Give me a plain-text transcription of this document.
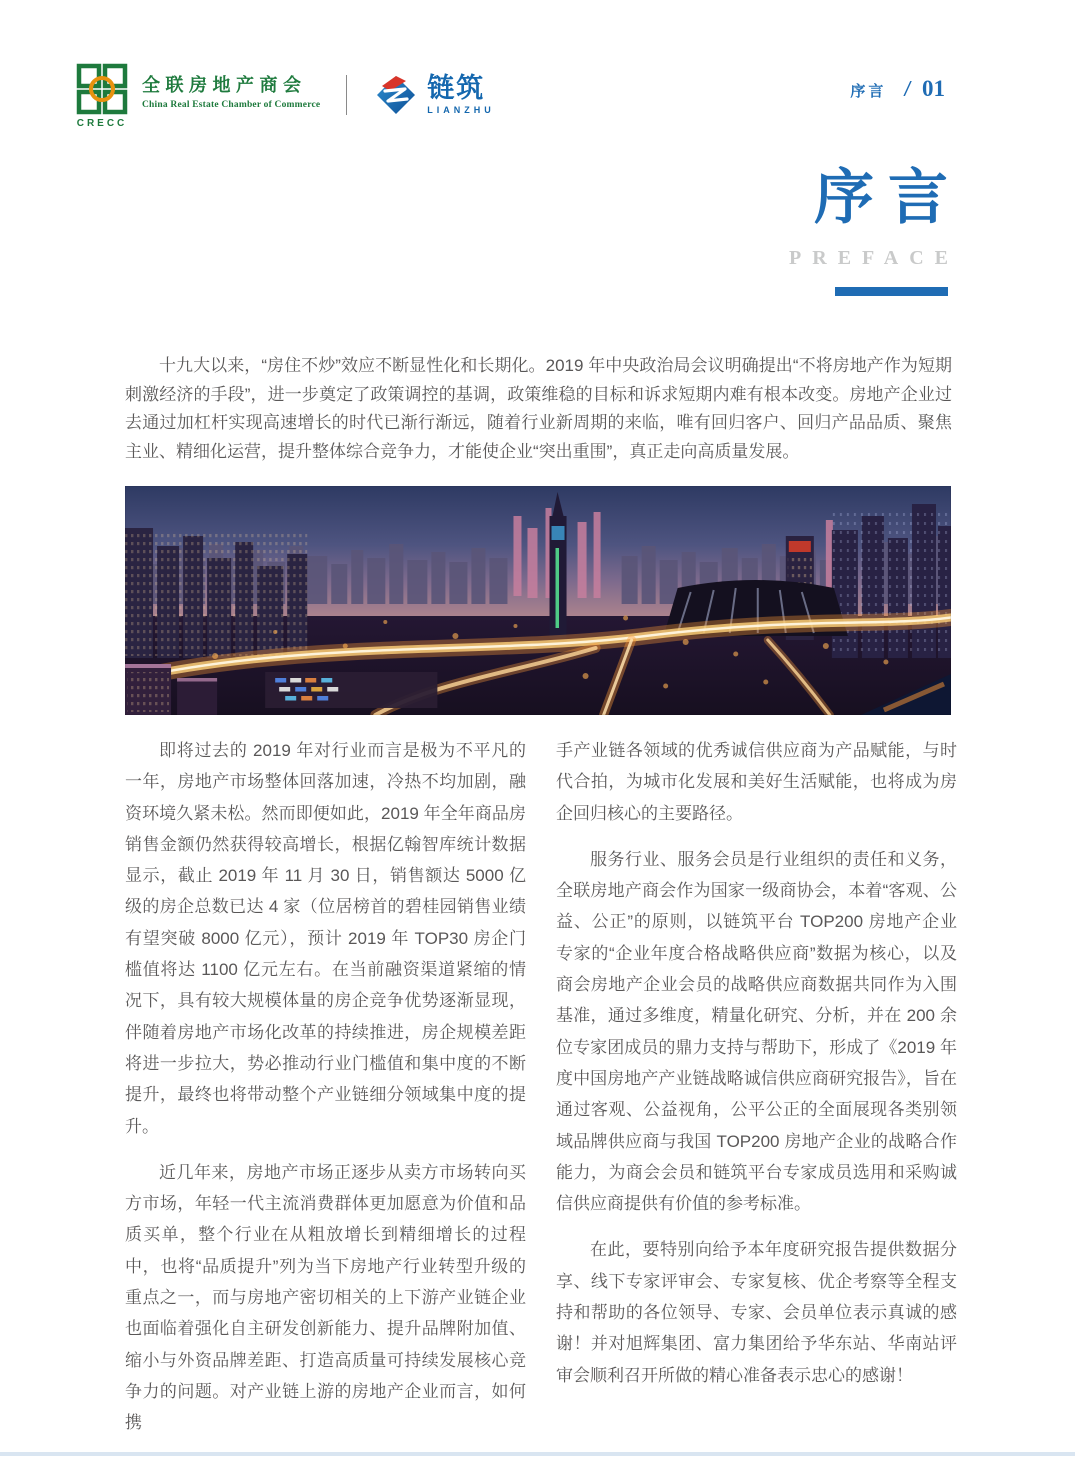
CRECC
全联房地产商会
China Real Estate Chamber of Commerce
链筑
LIANZHU
序言 / 01
序言
PREFACE

十九大以来，“房住不炒”效应不断显性化和长期化。2019 年中央政治局会议明确提出“不将房地产作为短期刺激经济的手段”，进一步奠定了政策调控的基调，政策维稳的目标和诉求短期内难有根本改变。房地产企业过去通过加杠杆实现高速增长的时代已渐行渐远，随着行业新周期的来临，唯有回归客户、回归产品品质、聚焦主业、精细化运营，提升整体综合竞争力，才能使企业“突出重围”，真正走向高质量发展。

即将过去的 2019 年对行业而言是极为不平凡的一年，房地产市场整体回落加速，冷热不均加剧，融资环境久紧未松。然而即便如此，2019 年全年商品房销售金额仍然获得较高增长，根据亿翰智库统计数据显示，截止 2019 年 11 月 30 日，销售额达 5000 亿级的房企总数已达 4 家（位居榜首的碧桂园销售业绩有望突破 8000 亿元），预计 2019 年 TOP30 房企门槛值将达 1100 亿元左右。在当前融资渠道紧缩的情况下，具有较大规模体量的房企竞争优势逐渐显现，伴随着房地产市场化改革的持续推进，房企规模差距将进一步拉大，势必推动行业门槛值和集中度的不断提升，最终也将带动整个产业链细分领域集中度的提升。

近几年来，房地产市场正逐步从卖方市场转向买方市场，年轻一代主流消费群体更加愿意为价值和品质买单，整个行业在从粗放增长到精细增长的过程中，也将“品质提升”列为当下房地产行业转型升级的重点之一，而与房地产密切相关的上下游产业链企业也面临着强化自主研发创新能力、提升品牌附加值、缩小与外资品牌差距、打造高质量可持续发展核心竞争力的问题。对产业链上游的房地产企业而言，如何携

手产业链各领域的优秀诚信供应商为产品赋能，与时代合拍，为城市化发展和美好生活赋能，也将成为房企回归核心的主要路径。

服务行业、服务会员是行业组织的责任和义务，全联房地产商会作为国家一级商协会，本着“客观、公益、公正”的原则，以链筑平台 TOP200 房地产企业专家的“企业年度合格战略供应商”数据为核心，以及商会房地产企业会员的战略供应商数据共同作为入围基准，通过多维度，精量化研究、分析，并在 200 余位专家团成员的鼎力支持与帮助下，形成了《2019 年度中国房地产产业链战略诚信供应商研究报告》，旨在通过客观、公益视角，公平公正的全面展现各类别领域品牌供应商与我国 TOP200 房地产企业的战略合作能力，为商会会员和链筑平台专家成员选用和采购诚信供应商提供有价值的参考标准。

在此，要特别向给予本年度研究报告提供数据分享、线下专家评审会、专家复核、优企考察等全程支持和帮助的各位领导、专家、会员单位表示真诚的感谢！并对旭辉集团、富力集团给予华东站、华南站评审会顺利召开所做的精心准备表示忠心的感谢！
